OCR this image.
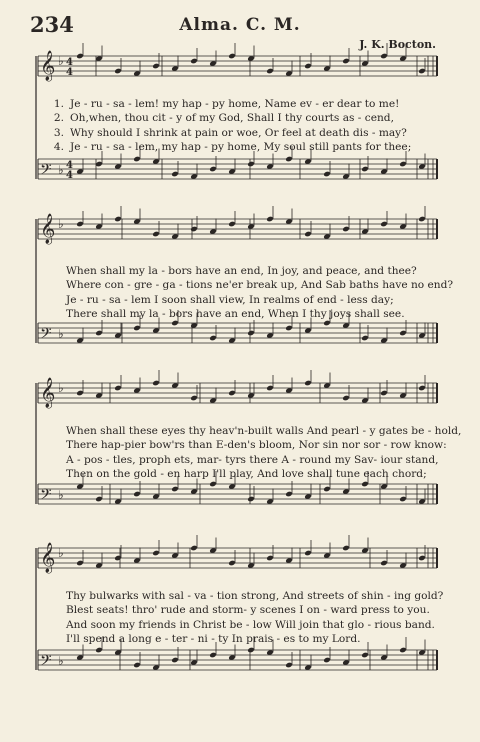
234	Alma. C. M.
J. K. Bocton.
𝄞 ♭
𝄢 ♭
𝄞 ♭
𝄢 ♭
𝄞 ♭
𝄢 ♭
𝄞 ♭
𝄢 ♭
4
4
4
4
1. Je - ru - sa - lem! my hap - py home, Name ev - er dear to me!
2. Oh,when, thou cit - y of my God, Shall I thy courts as - cend,
3. Why should I shrink at pain or woe, Or feel at death dis - may?
4. Je - ru - sa - lem, my hap - py home, My soul still pants for thee;
When shall my la - bors have an end, In joy, and peace, and thee?
Where con - gre - ga - tions ne'er break up, And Sab baths have no end?
Je - ru - sa - lem I soon shall view, In realms of end - less day;
There shall my la - bors have an end, When I thy joys shall see.
When shall these eyes thy heav'n-built walls And pearl - y gates be - hold,
There hap-pier bow'rs than E-den's bloom, Nor sin nor sor - row know:
A - pos - tles, proph ets, mar- tyrs there A - round my Sav- iour stand,
Then on the gold - en harp I'll play, And love shall tune each chord;
Thy bulwarks with sal - va - tion strong, And streets of shin - ing gold?
Blest seats! thro' rude and storm- y scenes I on - ward press to you.
And soon my friends in Christ be - low Will join that glo - rious band.
I'll spend a long e - ter - ni - ty In prais - es to my Lord.
